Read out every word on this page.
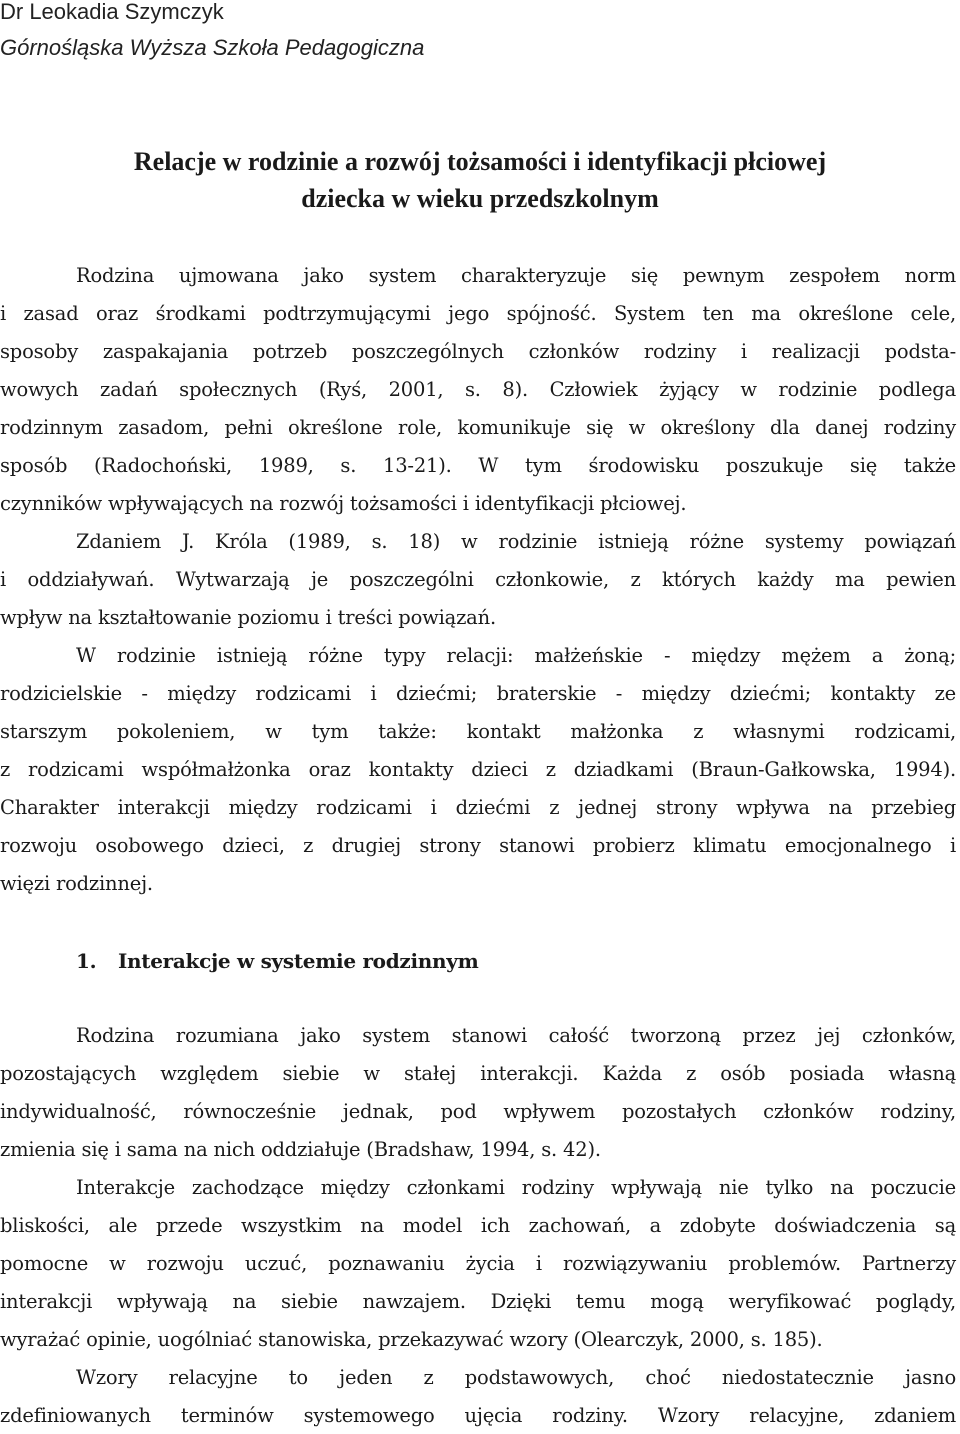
Dr Leokadia Szymczyk
Górnośląska Wyższa Szkoła Pedagogiczna
Relacje w rodzinie a rozwój tożsamości i identyfikacji płciowej
dziecka w wieku przedszkolnym
Rodzina ujmowana jako system charakteryzuje się pewnym zespołem norm
i zasad oraz środkami podtrzymującymi jego spójność. System ten ma określone cele,
sposoby zaspakajania potrzeb poszczególnych członków rodziny i realizacji podsta-
wowych zadań społecznych (Ryś, 2001, s. 8). Człowiek żyjący w rodzinie podlega
rodzinnym zasadom, pełni określone role, komunikuje się w określony dla danej rodziny
sposób (Radochoński, 1989, s. 13-21). W tym środowisku poszukuje się także
czynników wpływających na rozwój tożsamości i identyfikacji płciowej.
Zdaniem J. Króla (1989, s. 18) w rodzinie istnieją różne systemy powiązań
i oddziaływań. Wytwarzają je poszczególni członkowie, z których każdy ma pewien
wpływ na kształtowanie poziomu i treści powiązań.
W rodzinie istnieją różne typy relacji: małżeńskie - między mężem a żoną;
rodzicielskie - między rodzicami i dziećmi; braterskie - między dziećmi; kontakty ze
starszym pokoleniem, w tym także: kontakt małżonka z własnymi rodzicami,
z rodzicami współmałżonka oraz kontakty dzieci z dziadkami (Braun-Gałkowska, 1994).
Charakter interakcji między rodzicami i dziećmi z jednej strony wpływa na przebieg
rozwoju osobowego dzieci, z drugiej strony stanowi probierz klimatu emocjonalnego i
więzi rodzinnej.
1. Interakcje w systemie rodzinnym
Rodzina rozumiana jako system stanowi całość tworzoną przez jej członków,
pozostających względem siebie w stałej interakcji. Każda z osób posiada własną
indywidualność, równocześnie jednak, pod wpływem pozostałych członków rodziny,
zmienia się i sama na nich oddziałuje (Bradshaw, 1994, s. 42).
Interakcje zachodzące między członkami rodziny wpływają nie tylko na poczucie
bliskości, ale przede wszystkim na model ich zachowań, a zdobyte doświadczenia są
pomocne w rozwoju uczuć, poznawaniu życia i rozwiązywaniu problemów. Partnerzy
interakcji wpływają na siebie nawzajem. Dzięki temu mogą weryfikować poglądy,
wyrażać opinie, uogólniać stanowiska, przekazywać wzory (Olearczyk, 2000, s. 185).
Wzory relacyjne to jeden z podstawowych, choć niedostatecznie jasno
zdefiniowanych terminów systemowego ujęcia rodziny. Wzory relacyjne, zdaniem
